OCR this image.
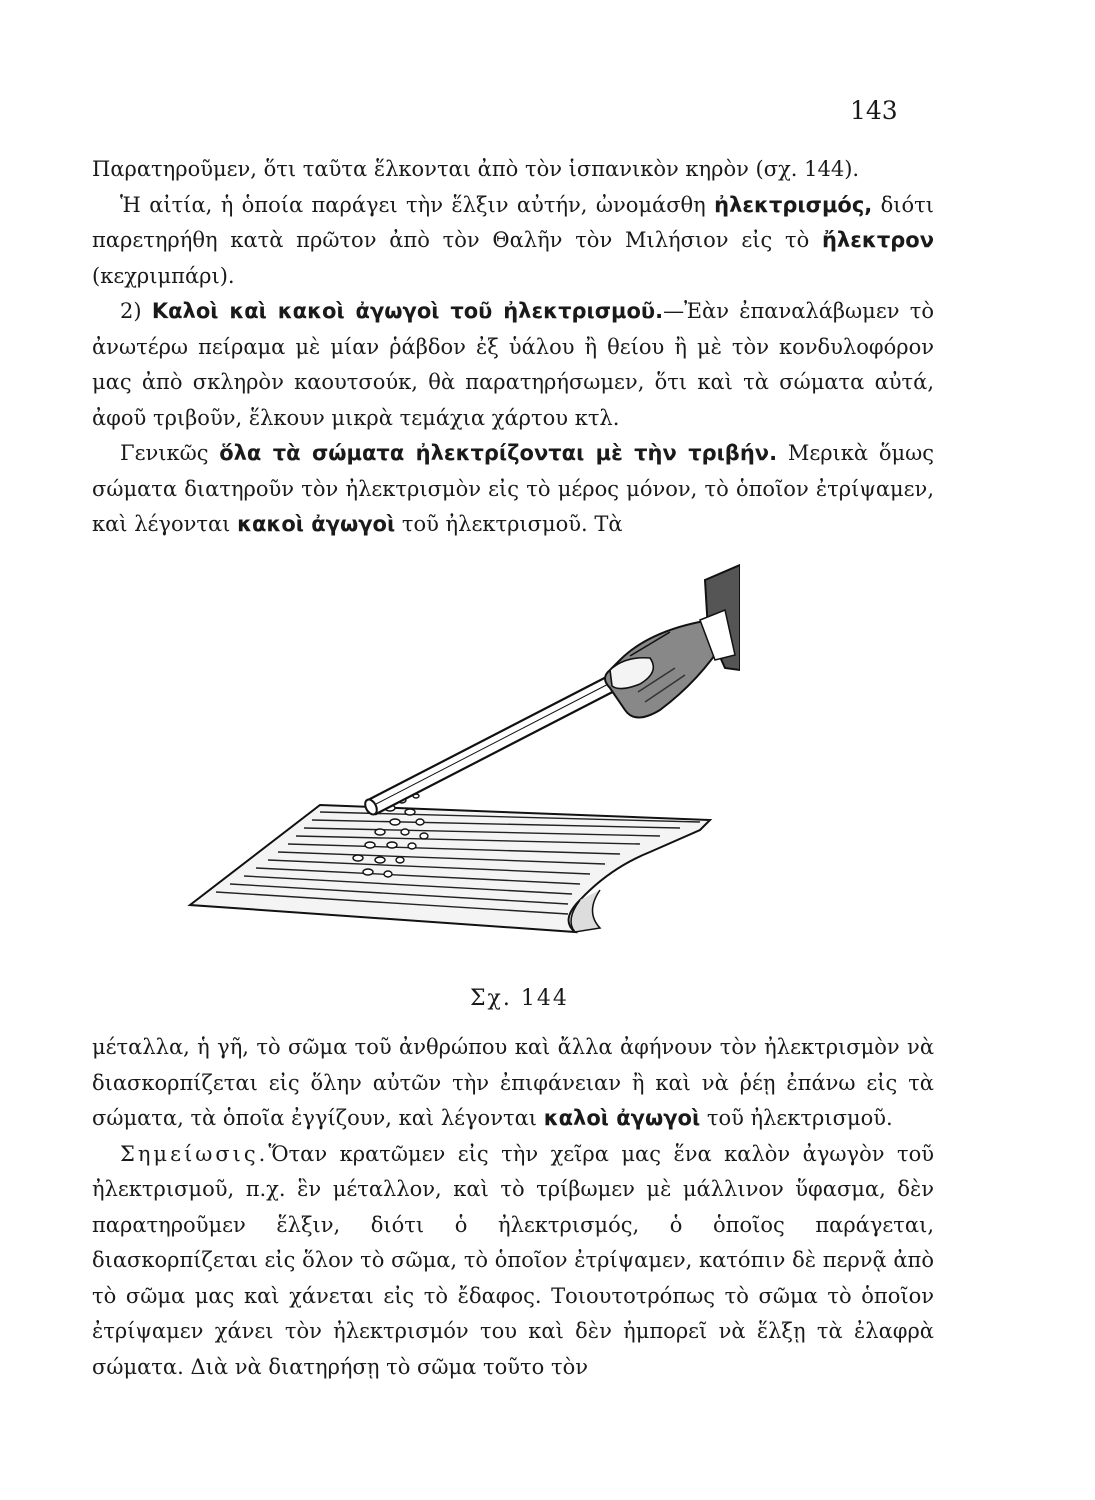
143

Παρατηροῦμεν, ὅτι ταῦτα ἕλκονται ἀπὸ τὸν ἱσπανικὸν κηρὸν (σχ. 144).

Ἡ αἰτία, ἡ ὁποία παράγει τὴν ἕλξιν αὐτήν, ὠνομάσθη ἠλεκτρισμός, διότι παρετηρήθη κατὰ πρῶτον ἀπὸ τὸν Θαλῆν τὸν Μιλήσιον εἰς τὸ ἤλεκτρον (κεχριμπάρι).

2) Καλοὶ καὶ κακοὶ ἀγωγοὶ τοῦ ἠλεκτρισμοῦ.—Ἐὰν ἐπαναλάβωμεν τὸ ἀνωτέρω πείραμα μὲ μίαν ῥάβδον ἐξ ὑάλου ἢ θείου ἢ μὲ τὸν κονδυλοφόρον μας ἀπὸ σκληρὸν καουτσούκ, θὰ παρατηρήσωμεν, ὅτι καὶ τὰ σώματα αὐτά, ἀφοῦ τριβοῦν, ἕλκουν μικρὰ τεμάχια χάρτου κτλ.

Γενικῶς ὅλα τὰ σώματα ἠλεκτρίζονται μὲ τὴν τριβήν. Μερικὰ ὅμως σώματα διατηροῦν τὸν ἠλεκτρισμὸν εἰς τὸ μέρος μόνον, τὸ ὁποῖον ἐτρίψαμεν, καὶ λέγονται κακοὶ ἀγωγοὶ τοῦ ἠλεκτρισμοῦ. Τὰ

Σχ. 144

μέταλλα, ἡ γῆ, τὸ σῶμα τοῦ ἀνθρώπου καὶ ἄλλα ἀφήνουν τὸν ἠλεκτρισμὸν νὰ διασκορπίζεται εἰς ὅλην αὐτῶν τὴν ἐπιφάνειαν ἢ καὶ νὰ ῥέῃ ἐπάνω εἰς τὰ σώματα, τὰ ὁποῖα ἐγγίζουν, καὶ λέγονται καλοὶ ἀγωγοὶ τοῦ ἠλεκτρισμοῦ.

Σημείωσις.Ὅταν κρατῶμεν εἰς τὴν χεῖρα μας ἕνα καλὸν ἀγωγὸν τοῦ ἠλεκτρισμοῦ, π.χ. ἓν μέταλλον, καὶ τὸ τρίβωμεν μὲ μάλλινον ὕφασμα, δὲν παρατηροῦμεν ἕλξιν, διότι ὁ ἠλεκτρισμός, ὁ ὁποῖος παράγεται, διασκορπίζεται εἰς ὅλον τὸ σῶμα, τὸ ὁποῖον ἐτρίψαμεν, κατόπιν δὲ περνᾷ ἀπὸ τὸ σῶμα μας καὶ χάνεται εἰς τὸ ἔδαφος. Τοιουτοτρόπως τὸ σῶμα τὸ ὁποῖον ἐτρίψαμεν χάνει τὸν ἠλεκτρισμόν του καὶ δὲν ἠμπορεῖ νὰ ἕλξῃ τὰ ἐλαφρὰ σώματα. Διὰ νὰ διατηρήσῃ τὸ σῶμα τοῦτο τὸν
